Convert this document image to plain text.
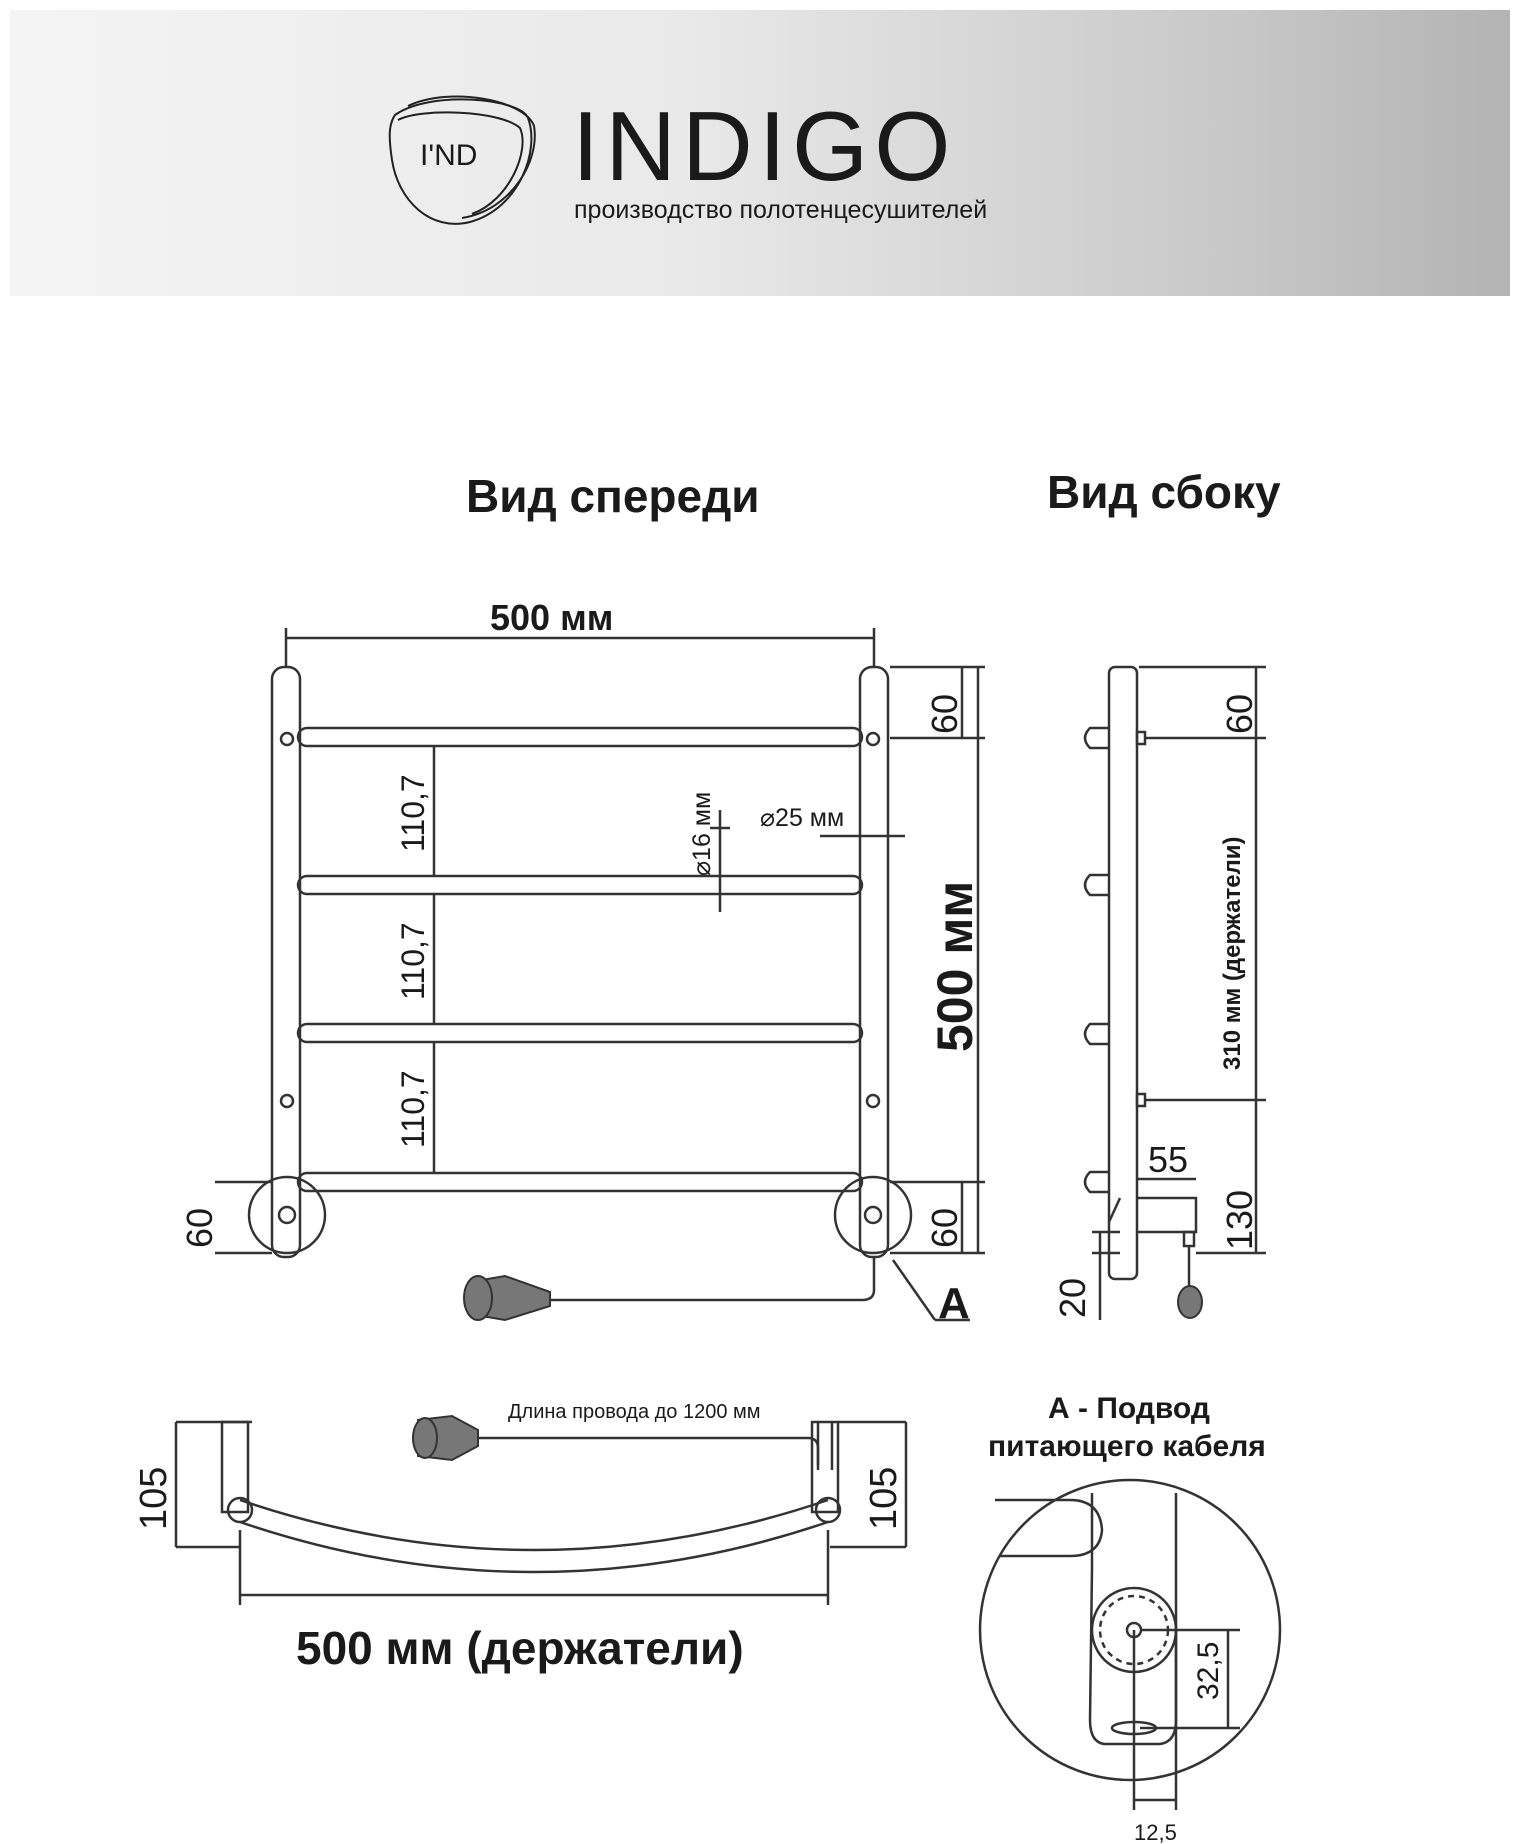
I'ND INDIGO
производство полотенцесушителей
Вид спереди	Вид сбоку
500 мм
500 мм
60
60
60
110,7
110,7
110,7
⌀16 мм ⌀25 мм
А
60
310 мм (держатели)
55
130
20
105	105
Длина провода до 1200 мм
500 мм (держатели)
А - Подвод
питающего кабеля
32,5
12,5
